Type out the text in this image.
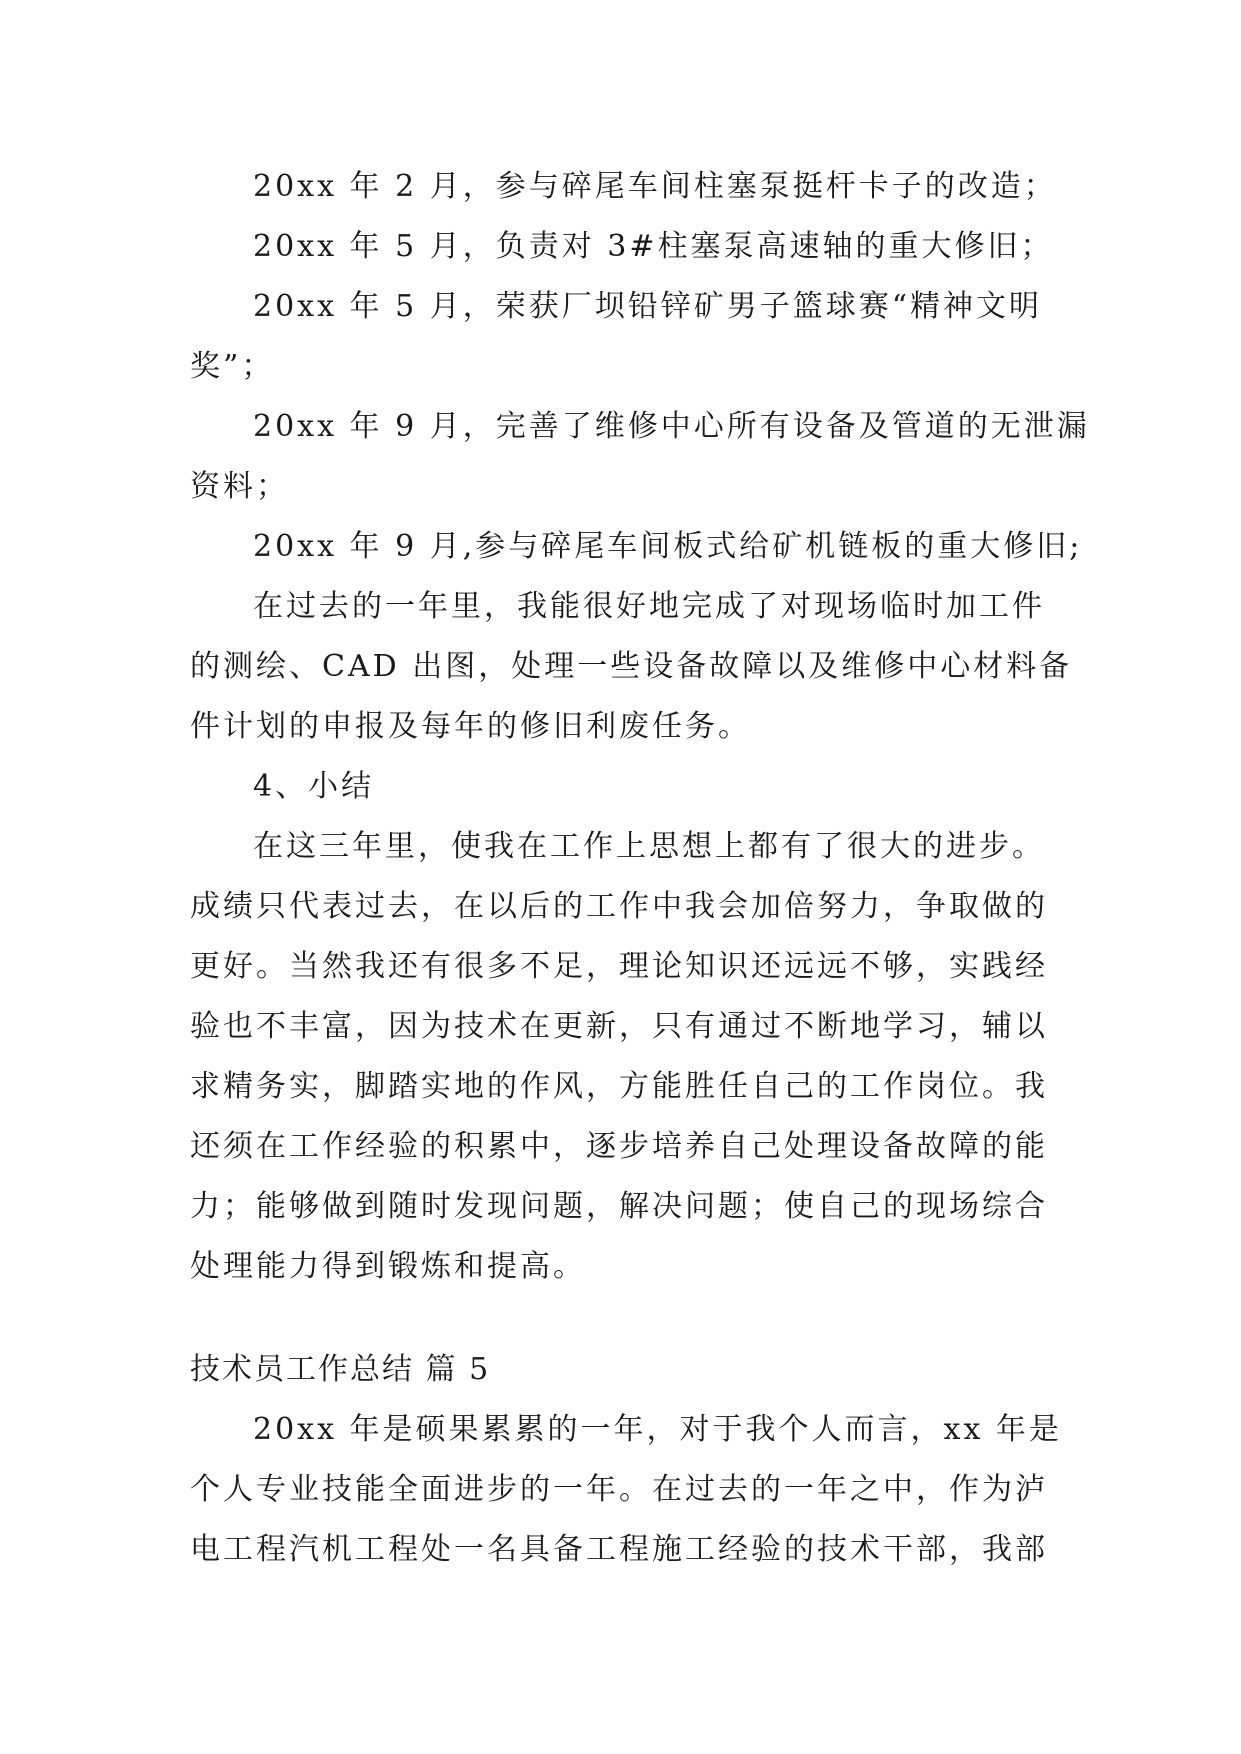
20xx 年 2 月，参与碎尾车间柱塞泵挺杆卡子的改造；
20xx 年 5 月，负责对 3#柱塞泵高速轴的重大修旧；
20xx 年 5 月，荣获厂坝铅锌矿男子篮球赛“精神文明
奖”；
20xx 年 9 月，完善了维修中心所有设备及管道的无泄漏
资料；
20xx 年 9 月,参与碎尾车间板式给矿机链板的重大修旧;
在过去的一年里，我能很好地完成了对现场临时加工件
的测绘、CAD 出图，处理一些设备故障以及维修中心材料备
件计划的申报及每年的修旧利废任务。
4、小结
在这三年里，使我在工作上思想上都有了很大的进步。
成绩只代表过去，在以后的工作中我会加倍努力，争取做的
更好。当然我还有很多不足，理论知识还远远不够，实践经
验也不丰富，因为技术在更新，只有通过不断地学习，辅以
求精务实，脚踏实地的作风，方能胜任自己的工作岗位。我
还须在工作经验的积累中，逐步培养自己处理设备故障的能
力；能够做到随时发现问题，解决问题；使自己的现场综合
处理能力得到锻炼和提高。
技术员工作总结 篇 5
20xx 年是硕果累累的一年，对于我个人而言，xx 年是
个人专业技能全面进步的一年。在过去的一年之中，作为泸
电工程汽机工程处一名具备工程施工经验的技术干部，我部
